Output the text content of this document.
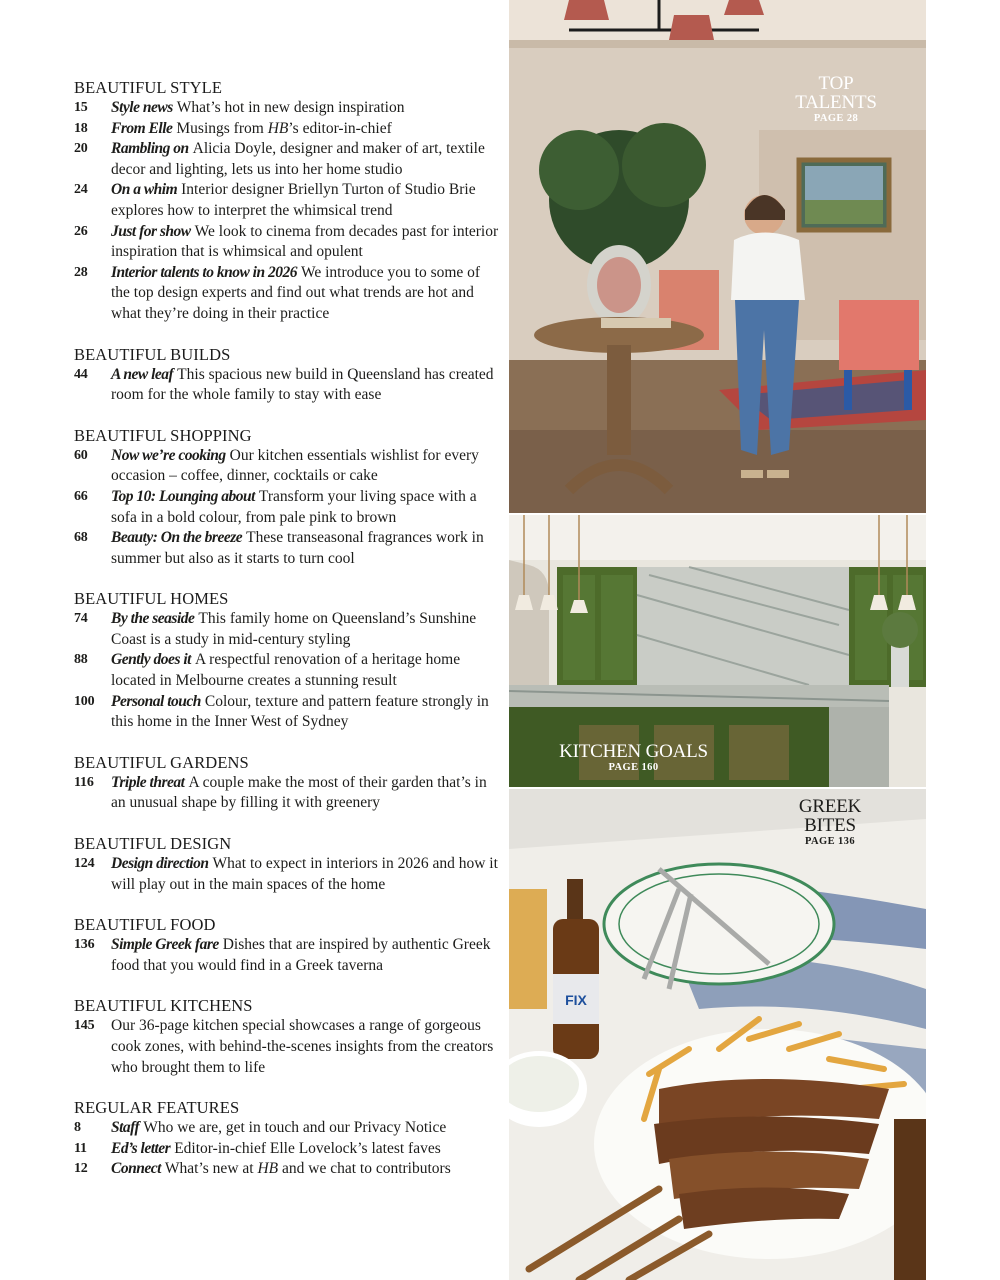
BEAUTIFUL STYLE
15	Style news What’s hot in new design inspiration
18	From Elle Musings from HB’s editor-in-chief
20	Rambling on Alicia Doyle, designer and maker of art, textile decor and lighting, lets us into her home studio
24	On a whim Interior designer Briellyn Turton of Studio Brie explores how to interpret the whimsical trend
26	Just for show We look to cinema from decades past for interior inspiration that is whimsical and opulent
28	Interior talents to know in 2026 We introduce you to some of the top design experts and find out what trends are hot and what they’re doing in their practice
BEAUTIFUL BUILDS
44	A new leaf This spacious new build in Queensland has created room for the whole family to stay with ease
BEAUTIFUL SHOPPING
60	Now we’re cooking Our kitchen essentials wishlist for every occasion – coffee, dinner, cocktails or cake
66	Top 10: Lounging about Transform your living space with a sofa in a bold colour, from pale pink to brown
68	Beauty: On the breeze These transeasonal fragrances work in summer but also as it starts to turn cool
BEAUTIFUL HOMES
74	By the seaside This family home on Queensland’s Sunshine Coast is a study in mid-century styling
88	Gently does it A respectful renovation of a heritage home located in Melbourne creates a stunning result
100	Personal touch Colour, texture and pattern feature strongly in this home in the Inner West of Sydney
BEAUTIFUL GARDENS
116	Triple threat A couple make the most of their garden that’s in an unusual shape by filling it with greenery
BEAUTIFUL DESIGN
124	Design direction What to expect in interiors in 2026 and how it will play out in the main spaces of the home
BEAUTIFUL FOOD
136	Simple Greek fare Dishes that are inspired by authentic Greek food that you would find in a Greek taverna
BEAUTIFUL KITCHENS
145	Our 36-page kitchen special showcases a range of gorgeous cook zones, with behind-the-scenes insights from the creators who brought them to life
REGULAR FEATURES
8	Staff Who we are, get in touch and our Privacy Notice
11	Ed’s letter Editor-in-chief Elle Lovelock’s latest faves
12	Connect What’s new at HB and we chat to contributors
TOP
TALENTS
PAGE 28
KITCHEN GOALS
PAGE 160
FIX
GREEK
BITES
PAGE 136
